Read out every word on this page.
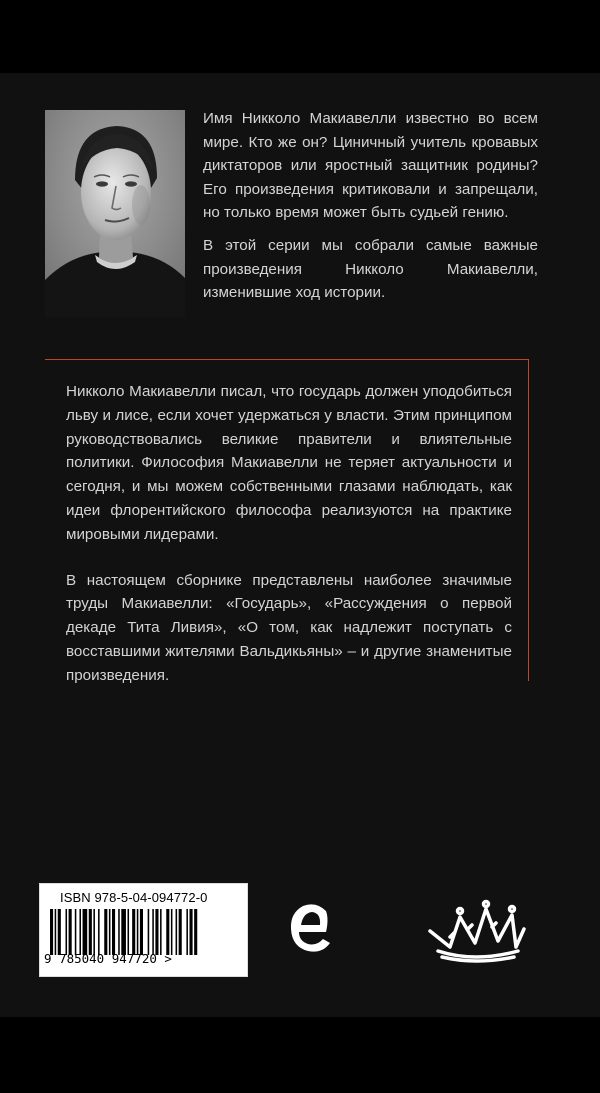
Имя Никколо Макиавелли известно во всем мире. Кто же он? Циничный учитель кровавых диктаторов или яростный защитник родины? Его произведения критиковали и запрещали, но только время может быть судьей гению.

В этой серии мы собрали самые важные произведения Никколо Макиавелли, изменившие ход истории.

Никколо Макиавелли писал, что государь должен уподобиться льву и лисе, если хочет удержаться у власти. Этим принципом руководствовались великие правители и влиятельные политики. Философия Макиавелли не теряет актуальности и сегодня, и мы можем собственными глазами наблюдать, как идеи флорентийского философа реализуются на практике мировыми лидерами.

В настоящем сборнике представлены наиболее значимые труды Макиавелли: «Государь», «Рассуждения о первой декаде Тита Ливия», «О том, как надлежит поступать с восставшими жителями Вальдикьяны» – и другие знаменитые произведения.

ISBN 978-5-04-094772-0
9 785040 947720 >
